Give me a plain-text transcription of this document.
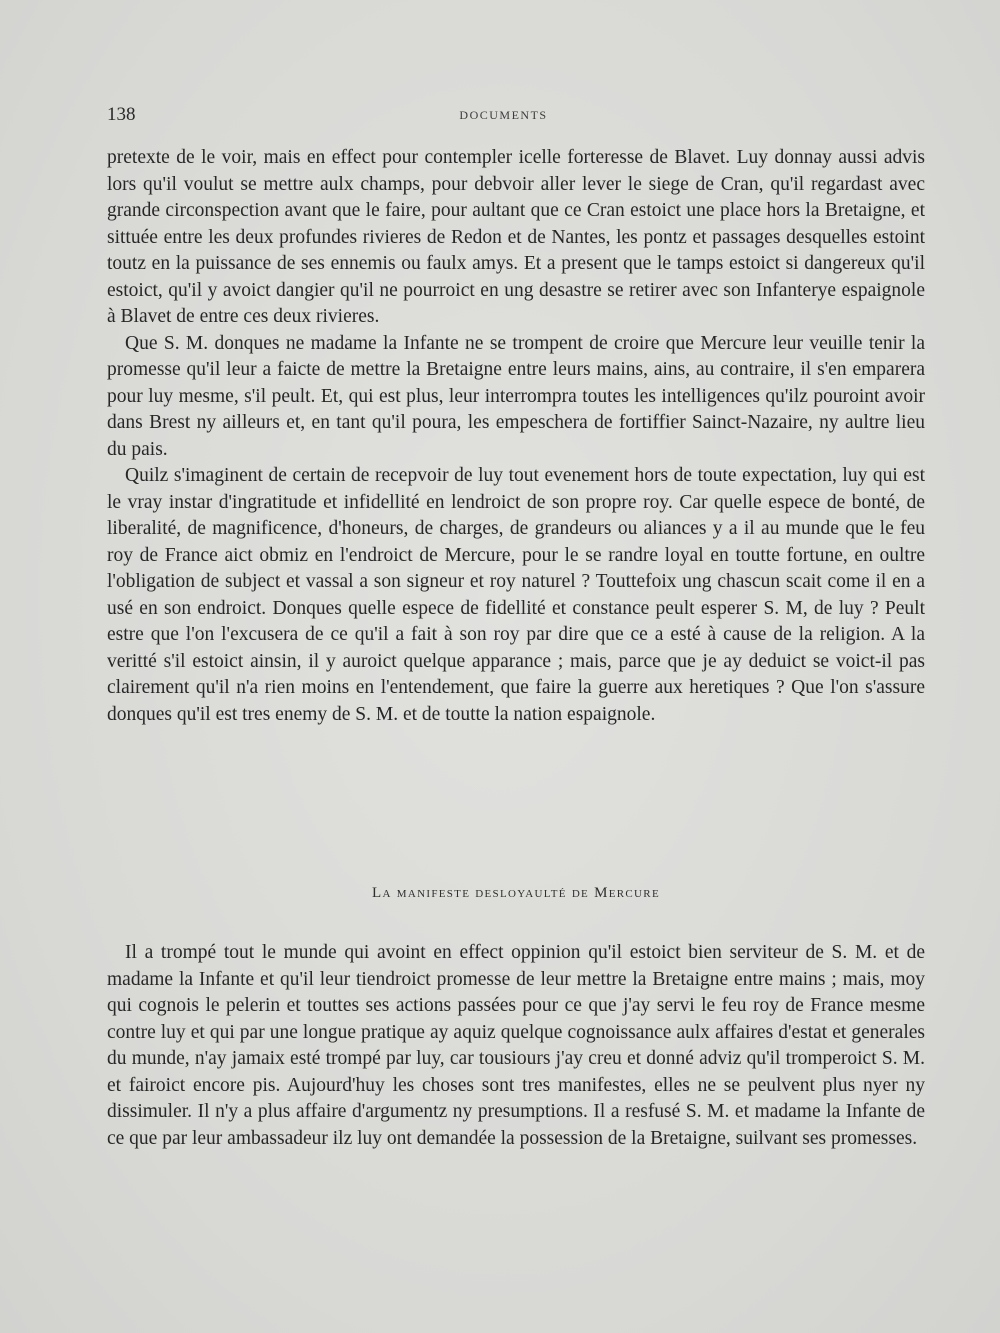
138	DOCUMENTS

pretexte de le voir, mais en effect pour contempler icelle forteresse de Blavet. Luy donnay aussi advis lors qu'il voulut se mettre aulx champs, pour debvoir aller lever le siege de Cran, qu'il regardast avec grande circonspection avant que le faire, pour aultant que ce Cran estoict une place hors la Bretaigne, et sittuée entre les deux profundes rivieres de Redon et de Nantes, les pontz et passages desquelles estoint toutz en la puissance de ses ennemis ou faulx amys. Et a present que le tamps estoict si dangereux qu'il estoict, qu'il y avoict dangier qu'il ne pourroict en ung desastre se retirer avec son Infanterye espaignole à Blavet de entre ces deux rivieres.

Que S. M. donques ne madame la Infante ne se trompent de croire que Mercure leur veuille tenir la promesse qu'il leur a faicte de mettre la Bretaigne entre leurs mains, ains, au contraire, il s'en emparera pour luy mesme, s'il peult. Et, qui est plus, leur interrompra toutes les intelligences qu'ilz pouroint avoir dans Brest ny ailleurs et, en tant qu'il poura, les empeschera de fortiffier Sainct-Nazaire, ny aultre lieu du pais.

Quilz s'imaginent de certain de recepvoir de luy tout evenement hors de toute expectation, luy qui est le vray instar d'ingratitude et infidellité en lendroict de son propre roy. Car quelle espece de bonté, de liberalité, de magnificence, d'honeurs, de charges, de grandeurs ou aliances y a il au munde que le feu roy de France aict obmiz en l'endroict de Mercure, pour le se randre loyal en toutte fortune, en oultre l'obligation de subject et vassal a son signeur et roy naturel ? Touttefoix ung chascun scait come il en a usé en son endroict. Donques quelle espece de fidellité et constance peult esperer S. M, de luy ? Peult estre que l'on l'excusera de ce qu'il a fait à son roy par dire que ce a esté à cause de la religion. A la veritté s'il estoict ainsin, il y auroict quelque apparance ; mais, parce que je ay deduict se voict-il pas clairement qu'il n'a rien moins en l'entendement, que faire la guerre aux heretiques ? Que l'on s'assure donques qu'il est tres enemy de S. M. et de toutte la nation espaignole.

La manifeste desloyaulté de Mercure

Il a trompé tout le munde qui avoint en effect oppinion qu'il estoict bien serviteur de S. M. et de madame la Infante et qu'il leur tiendroict promesse de leur mettre la Bretaigne entre mains ; mais, moy qui cognois le pelerin et touttes ses actions passées pour ce que j'ay servi le feu roy de France mesme contre luy et qui par une longue pratique ay aquiz quelque cognoissance aulx affaires d'estat et generales du munde, n'ay jamaix esté trompé par luy, car tousiours j'ay creu et donné adviz qu'il tromperoict S. M. et fairoict encore pis. Aujourd'huy les choses sont tres manifestes, elles ne se peulvent plus nyer ny dissimuler. Il n'y a plus affaire d'argumentz ny presumptions. Il a resfusé S. M. et madame la Infante de ce que par leur ambassadeur ilz luy ont demandée la possession de la Bretaigne, suilvant ses promesses.
